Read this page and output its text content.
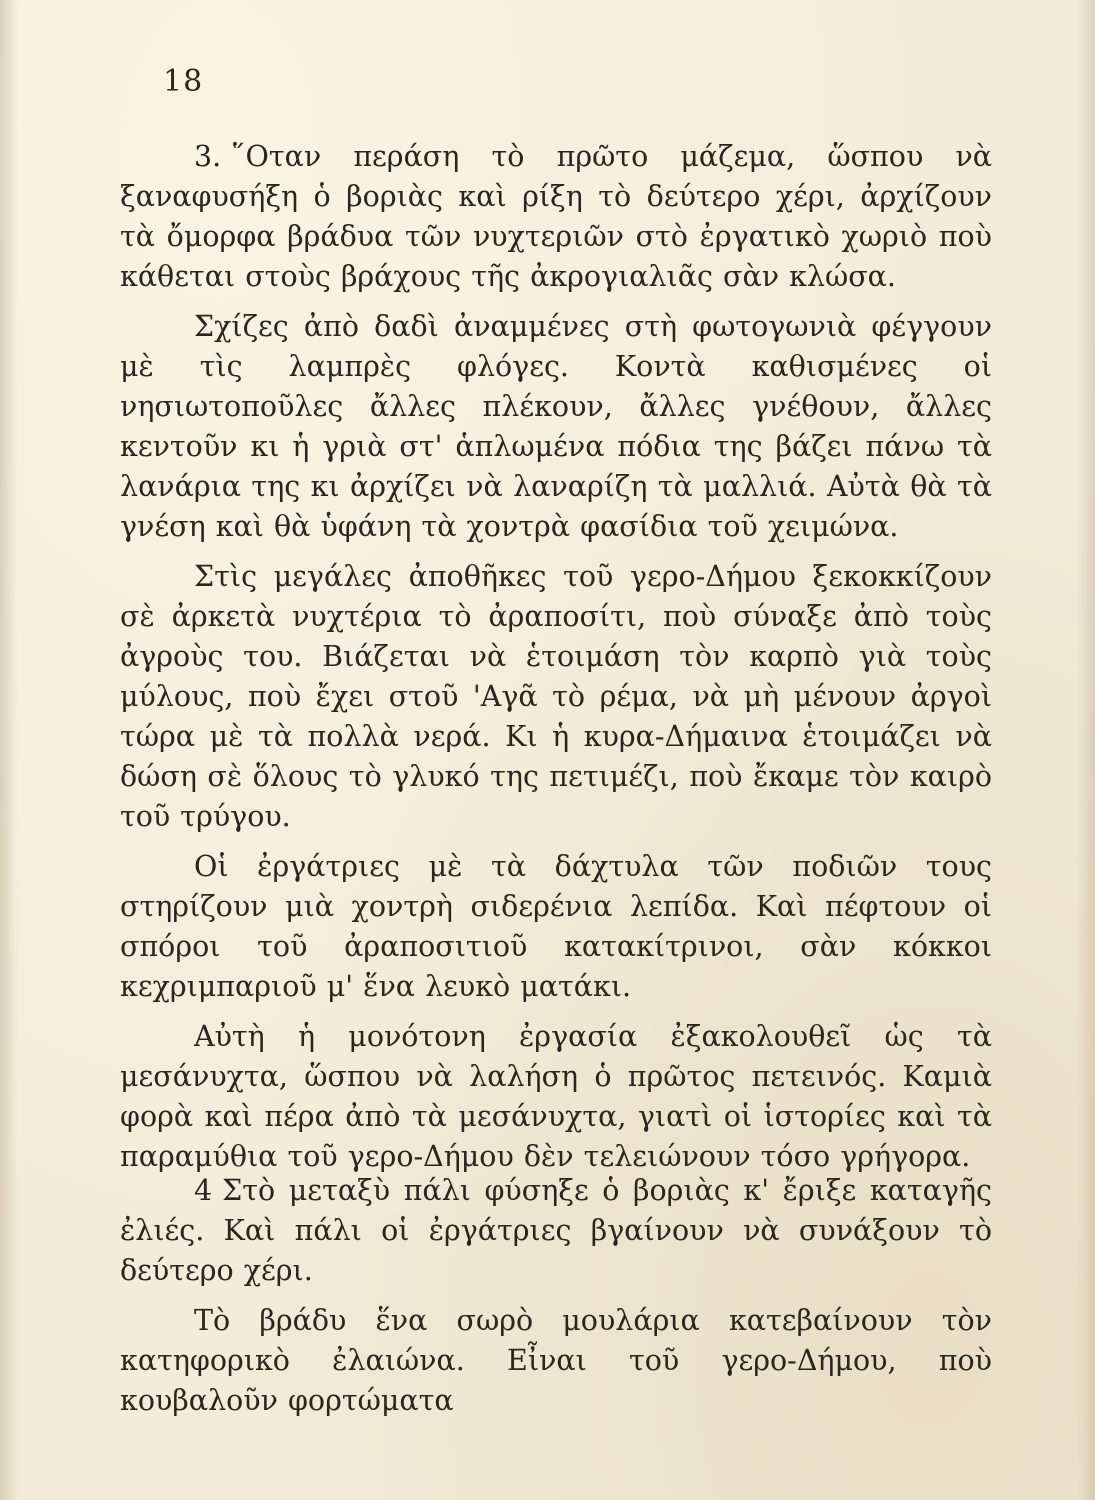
18

3. ῞Οταν περάση τὸ πρῶτο μάζεμα, ὥσπου νὰ ξαναφυσήξη ὁ βοριὰς καὶ ρίξη τὸ δεύτερο χέρι, ἀρχίζουν τὰ ὄμορφα βράδυα τῶν νυχτεριῶν στὸ ἐργατικὸ χωριὸ ποὺ κάθεται στοὺς βράχους τῆς ἀκρογιαλιᾶς σὰν κλώσα.

Σχίζες ἀπὸ δαδὶ ἀναμμένες στὴ φωτογωνιὰ φέγγουν μὲ τὶς λαμπρὲς φλόγες. Κοντὰ καθισμένες οἱ νησιωτοποῦλες ἄλλες πλέκουν, ἄλλες γνέθουν, ἄλλες κεντοῦν κι ἡ γριὰ στ' ἁπλωμένα πόδια της βάζει πάνω τὰ λανάρια της κι ἀρχίζει νὰ λαναρίζη τὰ μαλλιά. Αὐτὰ θὰ τὰ γνέση καὶ θὰ ὑφάνη τὰ χοντρὰ φασίδια τοῦ χειμώνα.

Στὶς μεγάλες ἀποθῆκες τοῦ γερο-Δήμου ξεκοκκίζουν σὲ ἀρκετὰ νυχτέρια τὸ ἀραποσίτι, ποὺ σύναξε ἀπὸ τοὺς ἀγροὺς του. Βιάζεται νὰ ἑτοιμάση τὸν καρπὸ γιὰ τοὺς μύλους, ποὺ ἔχει στοῦ 'Αγᾶ τὸ ρέμα, νὰ μὴ μένουν ἀργοὶ τώρα μὲ τὰ πολλὰ νερά. Κι ἡ κυρα-Δήμαινα ἑτοιμάζει νὰ δώση σὲ ὅλους τὸ γλυκό της πετιμέζι, ποὺ ἔκαμε τὸν καιρὸ τοῦ τρύγου.

Οἱ ἐργάτριες μὲ τὰ δάχτυλα τῶν ποδιῶν τους στηρίζουν μιὰ χοντρὴ σιδερένια λεπίδα. Καὶ πέφτουν οἱ σπόροι τοῦ ἀραποσιτιοῦ κατακίτρινοι, σὰν κόκκοι κεχριμπαριοῦ μ' ἕνα λευκὸ ματάκι.

Αὐτὴ ἡ μονότονη ἐργασία ἐξακολουθεῖ ὡς τὰ μεσάνυχτα, ὥσπου νὰ λαλήση ὁ πρῶτος πετεινός. Καμιὰ φορὰ καὶ πέρα ἀπὸ τὰ μεσάνυχτα, γιατὶ οἱ ἱστορίες καὶ τὰ παραμύθια τοῦ γερο-Δήμου δὲν τελειώνουν τόσο γρήγορα.

4 Στὸ μεταξὺ πάλι φύσηξε ὁ βοριὰς κ' ἔριξε καταγῆς ἐλιές. Καὶ πάλι οἱ ἐργάτριες βγαίνουν νὰ συνάξουν τὸ δεύτερο χέρι.

Τὸ βράδυ ἕνα σωρὸ μουλάρια κατεβαίνουν τὸν κατηφορικὸ ἐλαιώνα. Εἶναι τοῦ γερο-Δήμου, ποὺ κουβαλοῦν φορτώματα
